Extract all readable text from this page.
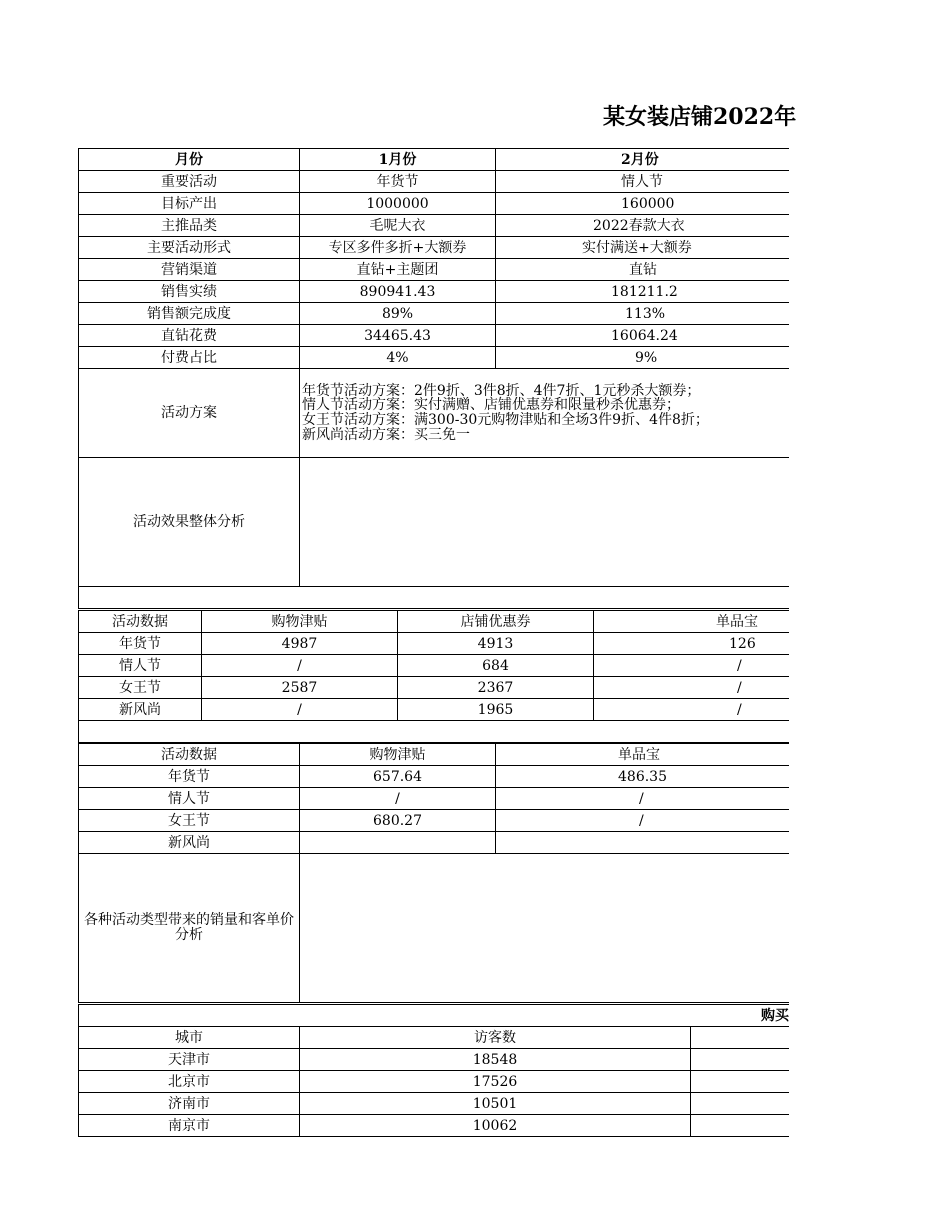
某女装店铺2022年
月份	1月份	2月份
重要活动	年货节	情人节
目标产出	1000000	160000
主推品类	毛呢大衣	2022春款大衣
主要活动形式	专区多件多折+大额券	实付满送+大额券
营销渠道	直钻+主题团	直钻
销售实绩	890941.43	181211.2
销售额完成度	89%	113%
直钻花费	34465.43	16064.24
付费占比	4%	9%
活动方案	年货节活动方案：2件9折、3件8折、4件7折、1元秒杀大额券；
情人节活动方案：实付满赠、店铺优惠券和限量秒杀优惠券；
女王节活动方案：满300-30元购物津贴和全场3件9折、4件8折；
新风尚活动方案：买三免一	

活动效果整体分析		

活动数据	购物津贴	店铺优惠券	单品宝
年货节	4987	4913	126
情人节	/	684	/
女王节	2587	2367	/
新风尚	/	1965	/

活动数据	购物津贴	单品宝
年货节	657.64	486.35
情人节	/	/
女王节	680.27	/
新风尚		
各种活动类型带来的销量和客单价分析		
购买		
城市	访客数	
天津市	18548	
北京市	17526	
济南市	10501	
南京市	10062	
